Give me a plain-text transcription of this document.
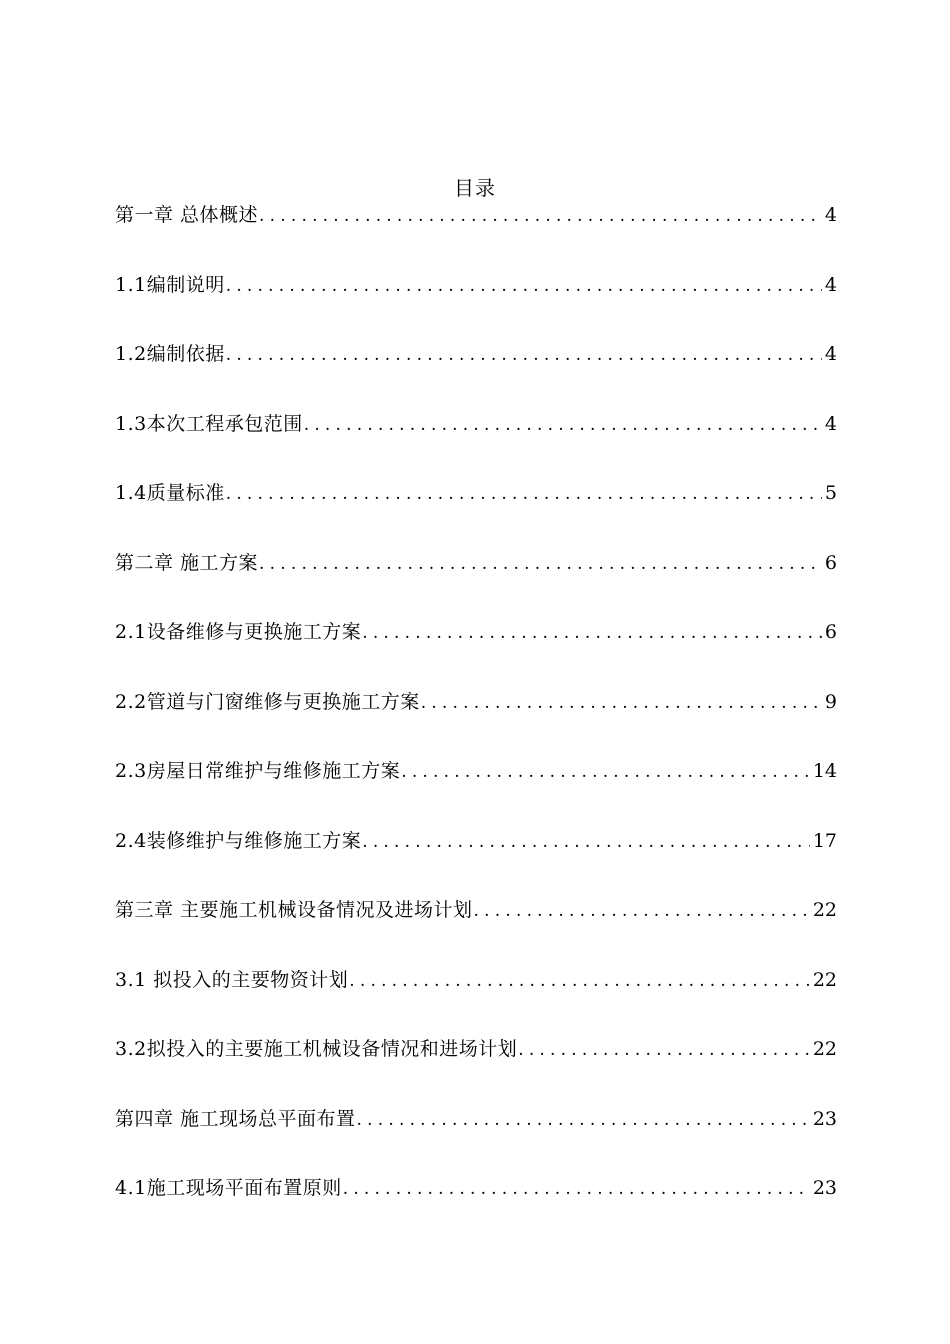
目录
第一章 总体概述 .....	4
1.1编制说明 .....	4
1.2编制依据 .....	4
1.3本次工程承包范围 .....	4
1.4质量标准 .....	5
第二章 施工方案 .....	6
2.1设备维修与更换施工方案 .....	6
2.2管道与门窗维修与更换施工方案 .....	9
2.3房屋日常维护与维修施工方案 .....	14
2.4装修维护与维修施工方案 .....	17
第三章 主要施工机械设备情况及进场计划 .....	22
3.1 拟投入的主要物资计划 .....	22
3.2拟投入的主要施工机械设备情况和进场计划 .....	22
第四章 施工现场总平面布置 .....	23
4.1施工现场平面布置原则 .....	23
